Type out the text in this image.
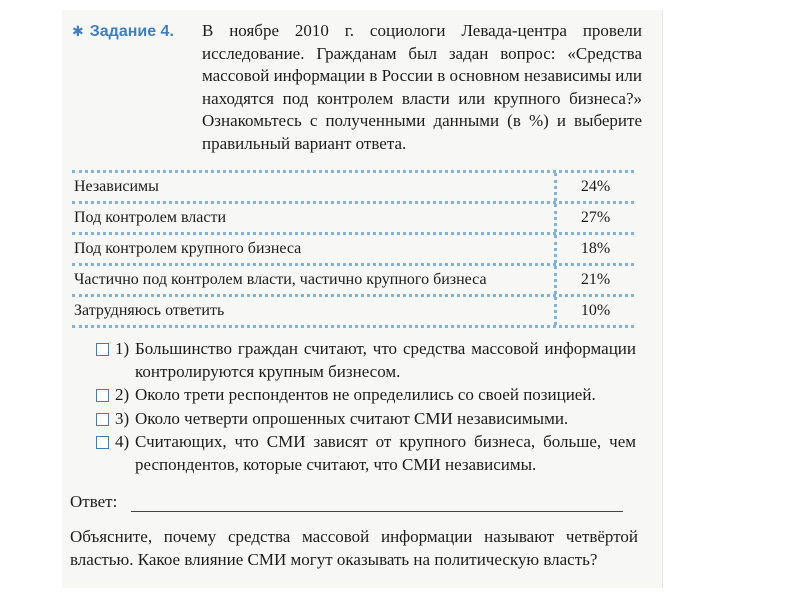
✱ Задание 4.	В ноябре 2010 г. социологи Левада-центра провели исследование. Гражданам был задан вопрос: «Средства массовой информации в России в основном независимы или находятся под контролем власти или крупного бизнеса?» Ознакомьтесь с полученными данными (в %) и выберите правильный вариант ответа.
Независимы	24%
Под контролем власти	27%
Под контролем крупного бизнеса	18%
Частично под контролем власти, частично крупного бизнеса	21%
Затрудняюсь ответить	10%
1) Большинство граждан считают, что средства массовой информации контролируются крупным бизнесом.
2) Около трети респондентов не определились со своей позицией.
3) Около четверти опрошенных считают СМИ независимыми.
4) Считающих, что СМИ зависят от крупного бизнеса, больше, чем респондентов, которые считают, что СМИ независимы.
Ответ:
Объясните, почему средства массовой информации называют четвёртой властью. Какое влияние СМИ могут оказывать на политическую власть?
